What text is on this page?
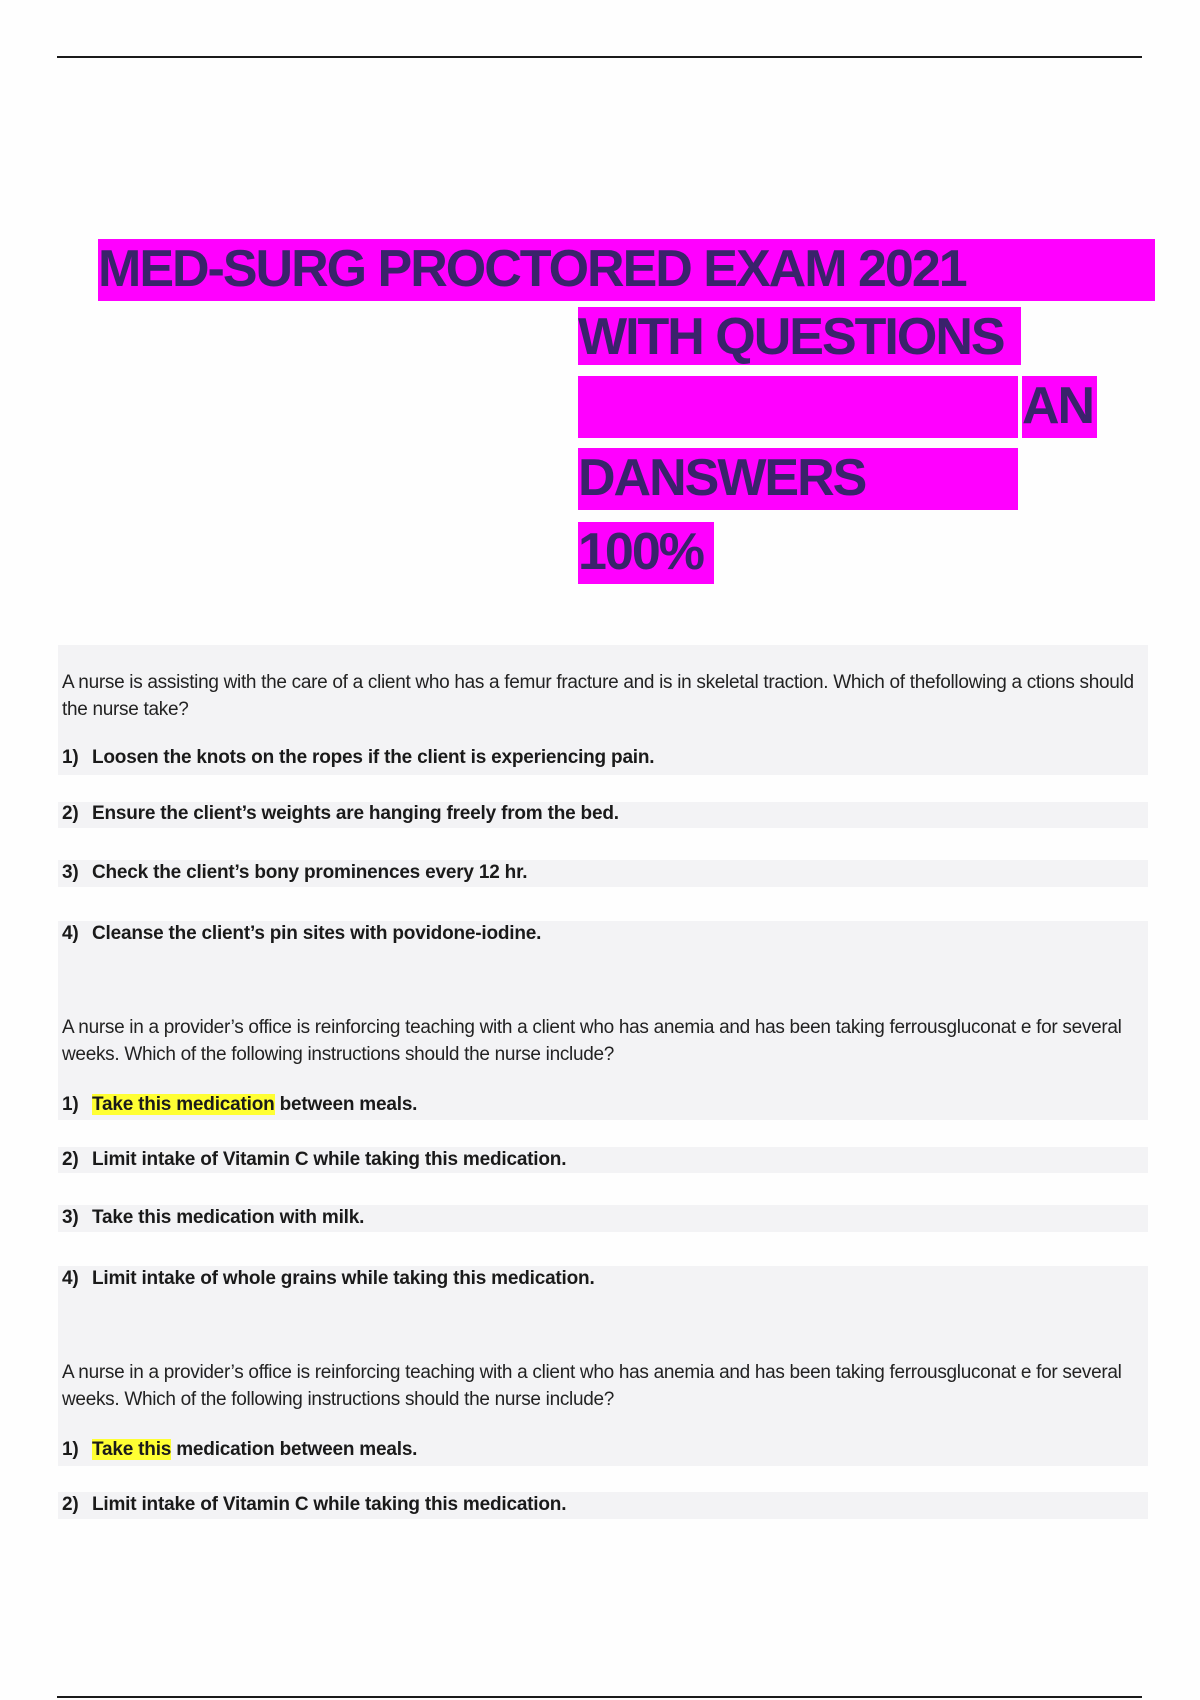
MED-SURG PROCTORED EXAM 2021
WITH QUESTIONS
AN
DANSWERS
100%
A nurse is assisting with the care of a client who has a femur fracture and is in skeletal traction. Which of thefollowing a ctions should the nurse take?
1) Loosen the knots on the ropes if the client is experiencing pain.
2) Ensure the client’s weights are hanging freely from the bed.
3) Check the client’s bony prominences every 12 hr.
4) Cleanse the client’s pin sites with povidone-iodine.
A nurse in a provider’s office is reinforcing teaching with a client who has anemia and has been taking ferrousgluconat e for several weeks. Which of the following instructions should the nurse include?
1) Take this medication between meals.
2) Limit intake of Vitamin C while taking this medication.
3) Take this medication with milk.
4) Limit intake of whole grains while taking this medication.
A nurse in a provider’s office is reinforcing teaching with a client who has anemia and has been taking ferrousgluconat e for several weeks. Which of the following instructions should the nurse include?
1) Take this medication between meals.
2) Limit intake of Vitamin C while taking this medication.
